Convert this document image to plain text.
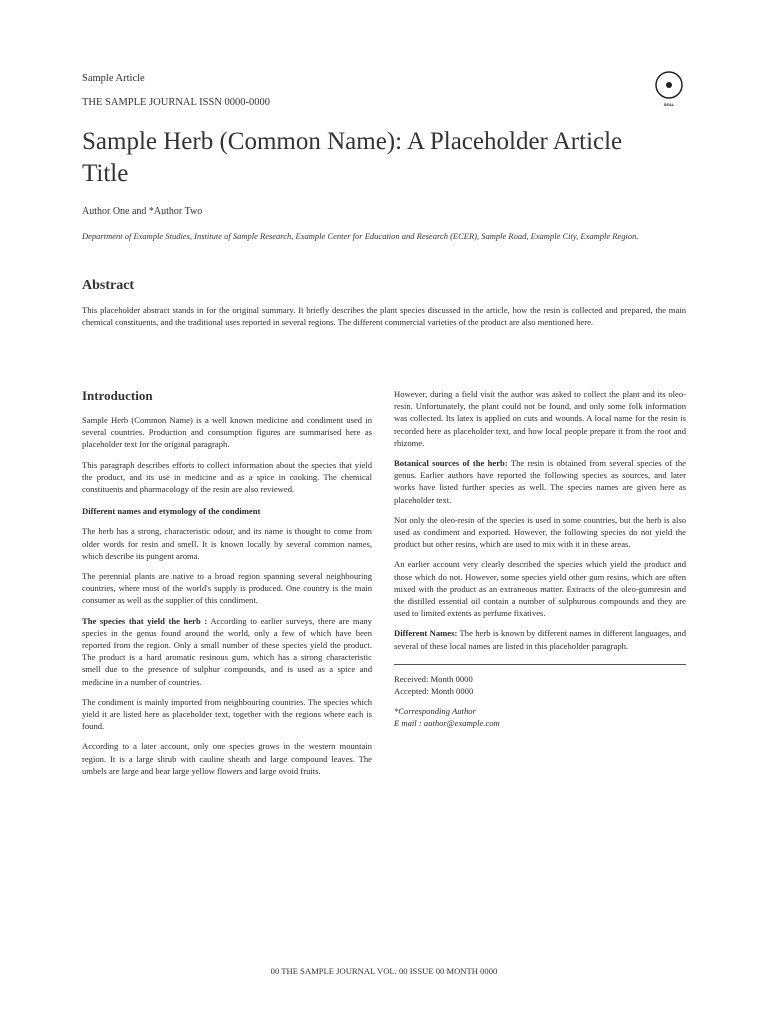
Sample Article
THE SAMPLE JOURNAL ISSN 0000-0000	SEAL
Sample Herb (Common Name): A Placeholder Article Title
Author One and *Author Two
Department of Example Studies, Institute of Sample Research, Example Center for Education and Research (ECER), Sample Road, Example City, Example Region.
Abstract
This placeholder abstract stands in for the original summary. It briefly describes the plant species discussed in the article, how the resin is collected and prepared, the main chemical constituents, and the traditional uses reported in several regions. The different commercial varieties of the product are also mentioned here.

Introduction

Sample Herb (Common Name) is a well known medicine and condiment used in several countries. Production and consumption figures are summarised here as placeholder text for the original paragraph.

This paragraph describes efforts to collect information about the species that yield the product, and its use in medicine and as a spice in cooking. The chemical constituents and pharmacology of the resin are also reviewed.

Different names and etymology of the condiment

The herb has a strong, characteristic odour, and its name is thought to come from older words for resin and smell. It is known locally by several common names, which describe its pungent aroma.

The perennial plants are native to a broad region spanning several neighbouring countries, where most of the world's supply is produced. One country is the main consumer as well as the supplier of this condiment.

The species that yield the herb : According to earlier surveys, there are many species in the genus found around the world, only a few of which have been reported from the region. Only a small number of these species yield the product. The product is a hard aromatic resinous gum, which has a strong characteristic smell due to the presence of sulphur compounds, and is used as a spice and medicine in a number of countries.

The condiment is mainly imported from neighbouring countries. The species which yield it are listed here as placeholder text, together with the regions where each is found.

According to a later account, only one species grows in the western mountain region. It is a large shrub with cauline sheath and large compound leaves. The umbels are large and bear large yellow flowers and large ovoid fruits.

However, during a field visit the author was asked to collect the plant and its oleo-resin. Unfortunately, the plant could not be found, and only some folk information was collected. Its latex is applied on cuts and wounds. A local name for the resin is recorded here as placeholder text, and how local people prepare it from the root and rhizome.

Botanical sources of the herb: The resin is obtained from several species of the genus. Earlier authors have reported the following species as sources, and later works have listed further species as well. The species names are given here as placeholder text.

Not only the oleo-resin of the species is used in some countries, but the herb is also used as condiment and exported. However, the following species do not yield the product but other resins, which are used to mix with it in these areas.

An earlier account very clearly described the species which yield the product and those which do not. However, some species yield other gum resins, which are often mixed with the product as an extraneous matter. Extracts of the oleo-gumresin and the distilled essential oil contain a number of sulphurous compounds and they are used to limited extents as perfume fixatives.

Different Names: The herb is known by different names in different languages, and several of these local names are listed in this placeholder paragraph.

Received: Month 0000

Accepted: Month 0000

*Corresponding Author

E mail : author@example.com

00 THE SAMPLE JOURNAL VOL. 00 ISSUE 00 MONTH 0000
